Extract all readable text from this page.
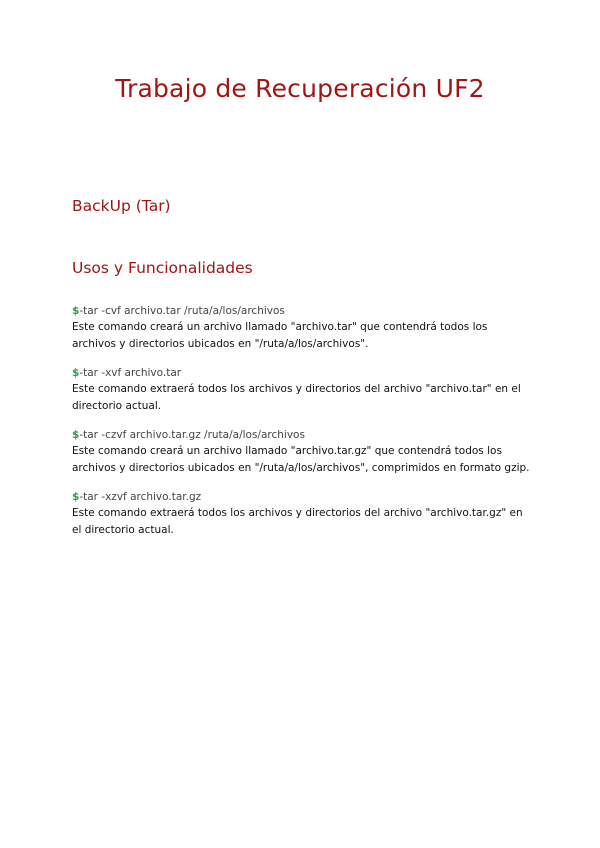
Trabajo de Recuperación UF2
BackUp (Tar)
Usos y Funcionalidades
$-tar -cvf archivo.tar /ruta/a/los/archivos

Este comando creará un archivo llamado "archivo.tar" que contendrá todos los archivos y directorios ubicados en "/ruta/a/los/archivos".

$-tar -xvf archivo.tar

Este comando extraerá todos los archivos y directorios del archivo "archivo.tar" en el directorio actual.

$-tar -czvf archivo.tar.gz /ruta/a/los/archivos

Este comando creará un archivo llamado "archivo.tar.gz" que contendrá todos los archivos y directorios ubicados en "/ruta/a/los/archivos", comprimidos en formato gzip.

$-tar -xzvf archivo.tar.gz

Este comando extraerá todos los archivos y directorios del archivo "archivo.tar.gz" en el directorio actual.
